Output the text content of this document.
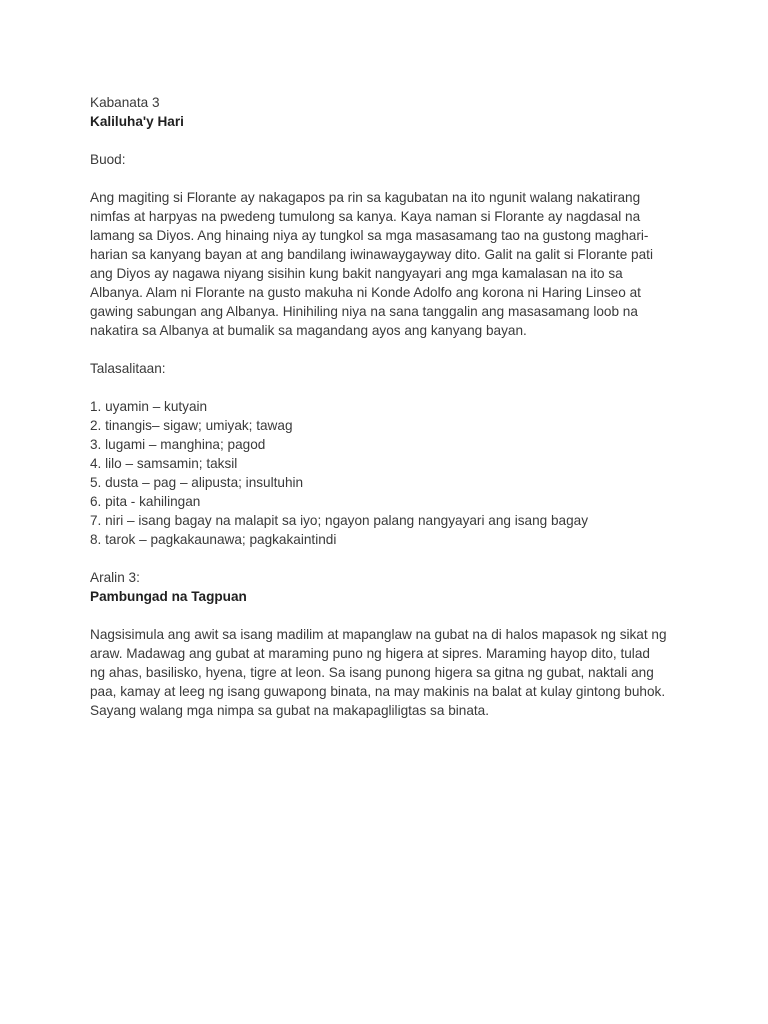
Kabanata 3
Kaliluha'y Hari
Buod:
Ang magiting si Florante ay nakagapos pa rin sa kagubatan na ito ngunit walang nakatirang
nimfas at harpyas na pwedeng tumulong sa kanya. Kaya naman si Florante ay nagdasal na
lamang sa Diyos. Ang hinaing niya ay tungkol sa mga masasamang tao na gustong maghari-
harian sa kanyang bayan at ang bandilang iwinawaygayway dito. Galit na galit si Florante pati
ang Diyos ay nagawa niyang sisihin kung bakit nangyayari ang mga kamalasan na ito sa
Albanya. Alam ni Florante na gusto makuha ni Konde Adolfo ang korona ni Haring Linseo at
gawing sabungan ang Albanya. Hinihiling niya na sana tanggalin ang masasamang loob na
nakatira sa Albanya at bumalik sa magandang ayos ang kanyang bayan.
Talasalitaan:
1. uyamin – kutyain
2. tinangis– sigaw; umiyak; tawag
3. lugami – manghina; pagod
4. lilo – samsamin; taksil
5. dusta – pag – alipusta; insultuhin
6. pita - kahilingan
7. niri – isang bagay na malapit sa iyo; ngayon palang nangyayari ang isang bagay
8. tarok – pagkakaunawa; pagkakaintindi
Aralin 3:
Pambungad na Tagpuan
Nagsisimula ang awit sa isang madilim at mapanglaw na gubat na di halos mapasok ng sikat ng
araw. Madawag ang gubat at maraming puno ng higera at sipres. Maraming hayop dito, tulad
ng ahas, basilisko, hyena, tigre at leon. Sa isang punong higera sa gitna ng gubat, naktali ang
paa, kamay at leeg ng isang guwapong binata, na may makinis na balat at kulay gintong buhok.
Sayang walang mga nimpa sa gubat na makapagliligtas sa binata.
